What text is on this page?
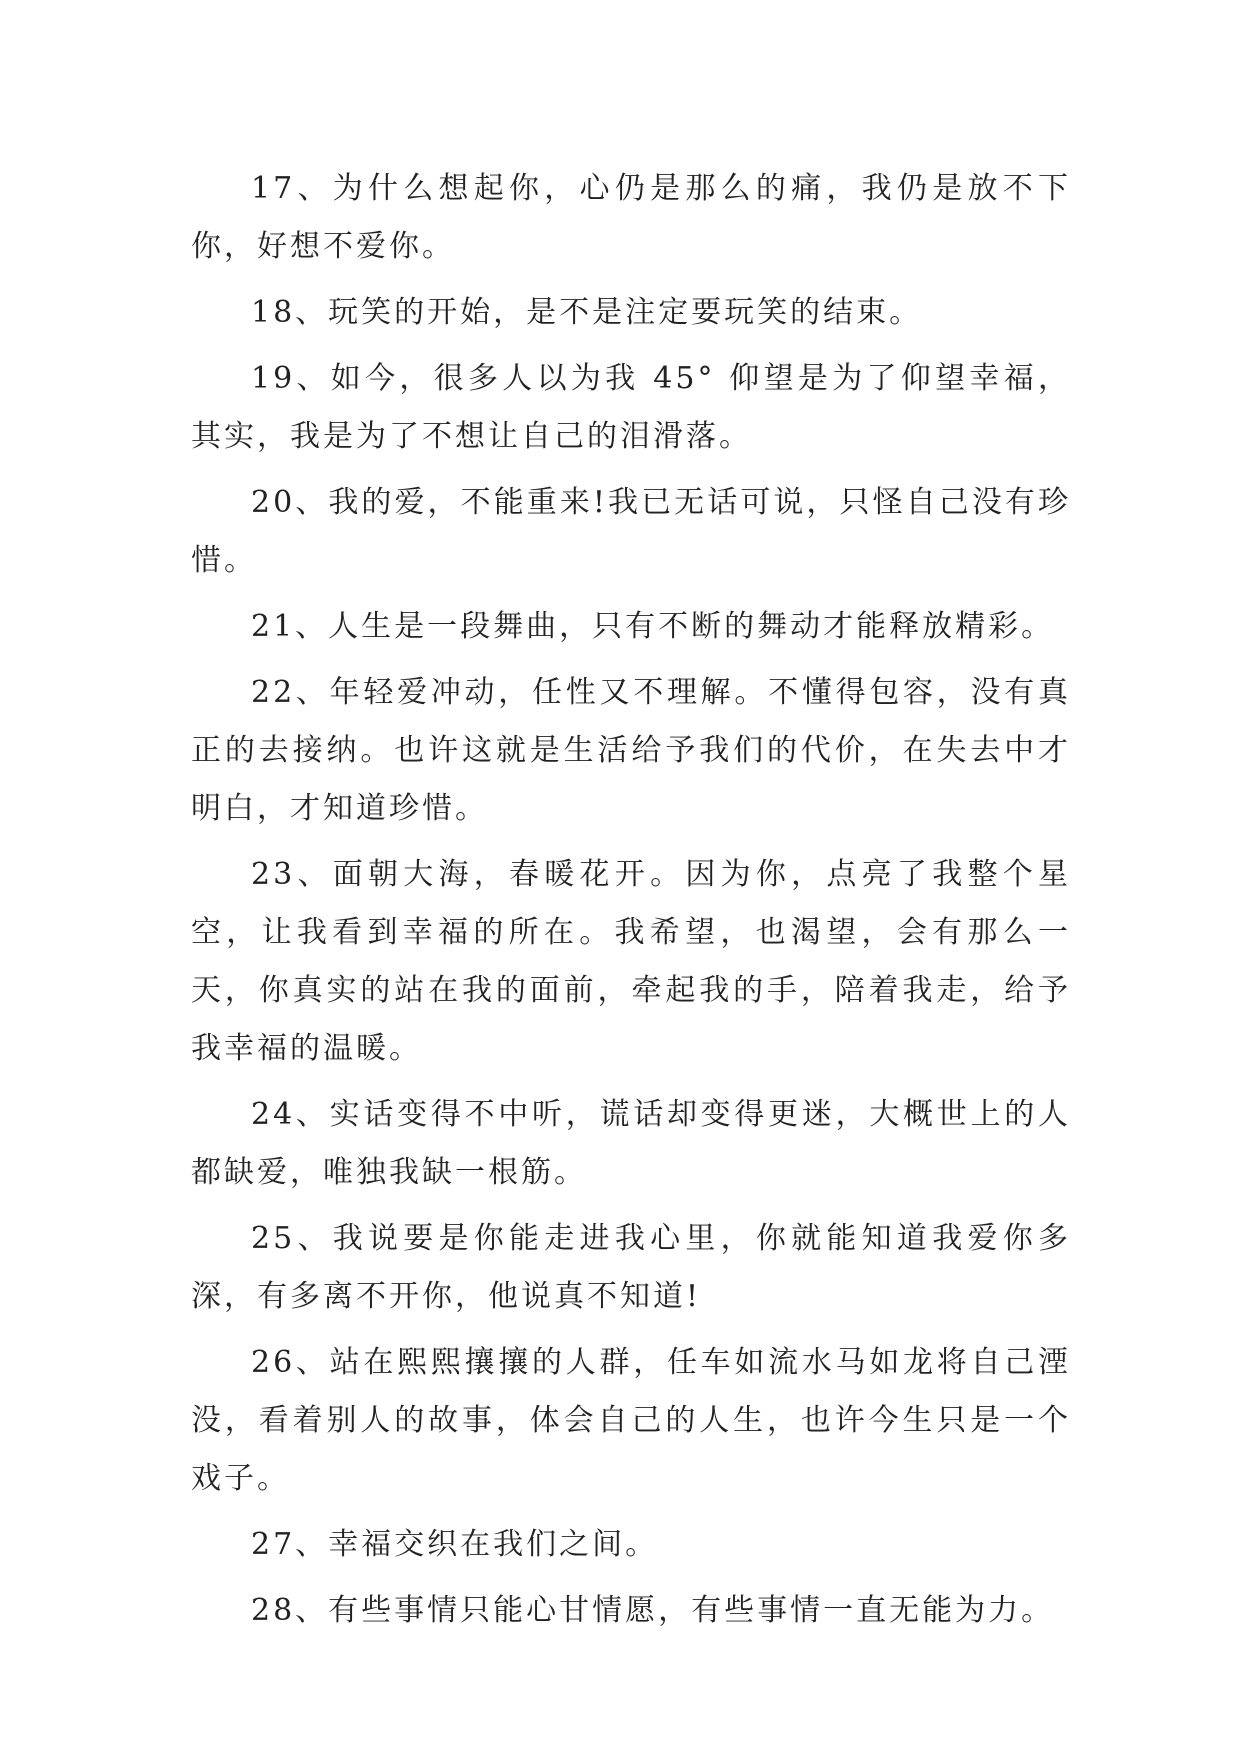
17、为什么想起你，心仍是那么的痛，我仍是放不下你，好想不爱你。

18、玩笑的开始，是不是注定要玩笑的结束。

19、如今，很多人以为我 45° 仰望是为了仰望幸福，其实，我是为了不想让自己的泪滑落。

20、我的爱，不能重来!我已无话可说，只怪自己没有珍惜。

21、人生是一段舞曲，只有不断的舞动才能释放精彩。

22、年轻爱冲动，任性又不理解。不懂得包容，没有真正的去接纳。也许这就是生活给予我们的代价，在失去中才明白，才知道珍惜。

23、面朝大海，春暖花开。因为你，点亮了我整个星空，让我看到幸福的所在。我希望，也渴望，会有那么一天，你真实的站在我的面前，牵起我的手，陪着我走，给予我幸福的温暖。

24、实话变得不中听，谎话却变得更迷，大概世上的人都缺爱，唯独我缺一根筋。

25、我说要是你能走进我心里，你就能知道我爱你多深，有多离不开你，他说真不知道!

26、站在熙熙攘攘的人群，任车如流水马如龙将自己湮没，看着别人的故事，体会自己的人生，也许今生只是一个戏子。

27、幸福交织在我们之间。

28、有些事情只能心甘情愿，有些事情一直无能为力。
